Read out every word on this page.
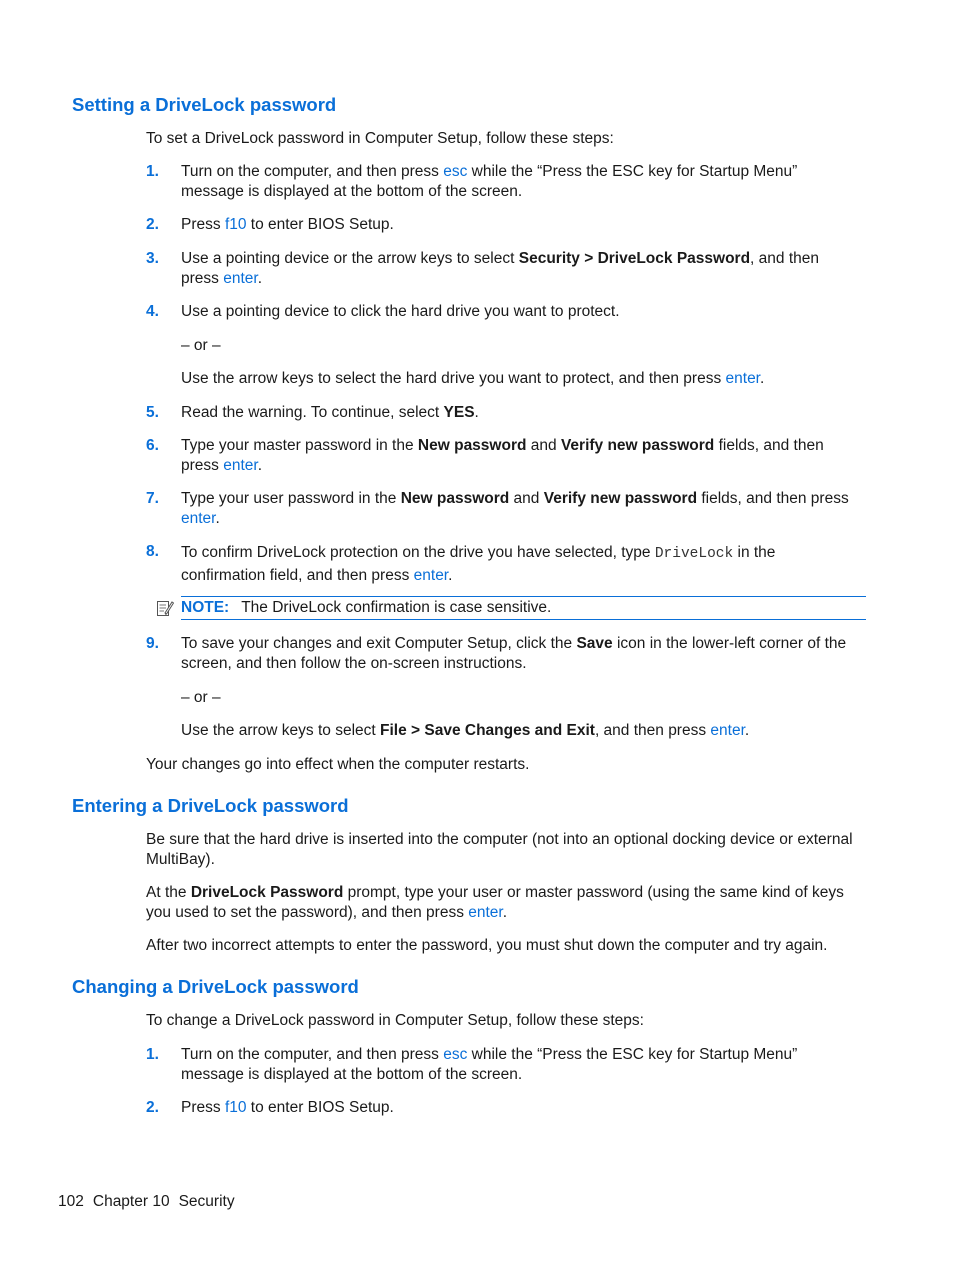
Setting a DriveLock password

To set a DriveLock password in Computer Setup, follow these steps:

1.	Turn on the computer, and then press esc while the “Press the ESC key for Startup Menu” message is displayed at the bottom of the screen.

2.	Press f10 to enter BIOS Setup.

3.	Use a pointing device or the arrow keys to select Security > DriveLock Password, and then press enter.

4.	Use a pointing device to click the hard drive you want to protect.

– or –

Use the arrow keys to select the hard drive you want to protect, and then press enter.

5.	Read the warning. To continue, select YES.

6.	Type your master password in the New password and Verify new password fields, and then press enter.

7.	Type your user password in the New password and Verify new password fields, and then press enter.

8.	To confirm DriveLock protection on the drive you have selected, type DriveLock in the confirmation field, and then press enter.

NOTE: The DriveLock confirmation is case sensitive.

9.	To save your changes and exit Computer Setup, click the Save icon in the lower-left corner of the screen, and then follow the on-screen instructions.

– or –

Use the arrow keys to select File > Save Changes and Exit, and then press enter.

Your changes go into effect when the computer restarts.

Entering a DriveLock password

Be sure that the hard drive is inserted into the computer (not into an optional docking device or external MultiBay).

At the DriveLock Password prompt, type your user or master password (using the same kind of keys you used to set the password), and then press enter.

After two incorrect attempts to enter the password, you must shut down the computer and try again.

Changing a DriveLock password

To change a DriveLock password in Computer Setup, follow these steps:

1.	Turn on the computer, and then press esc while the “Press the ESC key for Startup Menu” message is displayed at the bottom of the screen.

2.	Press f10 to enter BIOS Setup.

102 Chapter 10 Security
